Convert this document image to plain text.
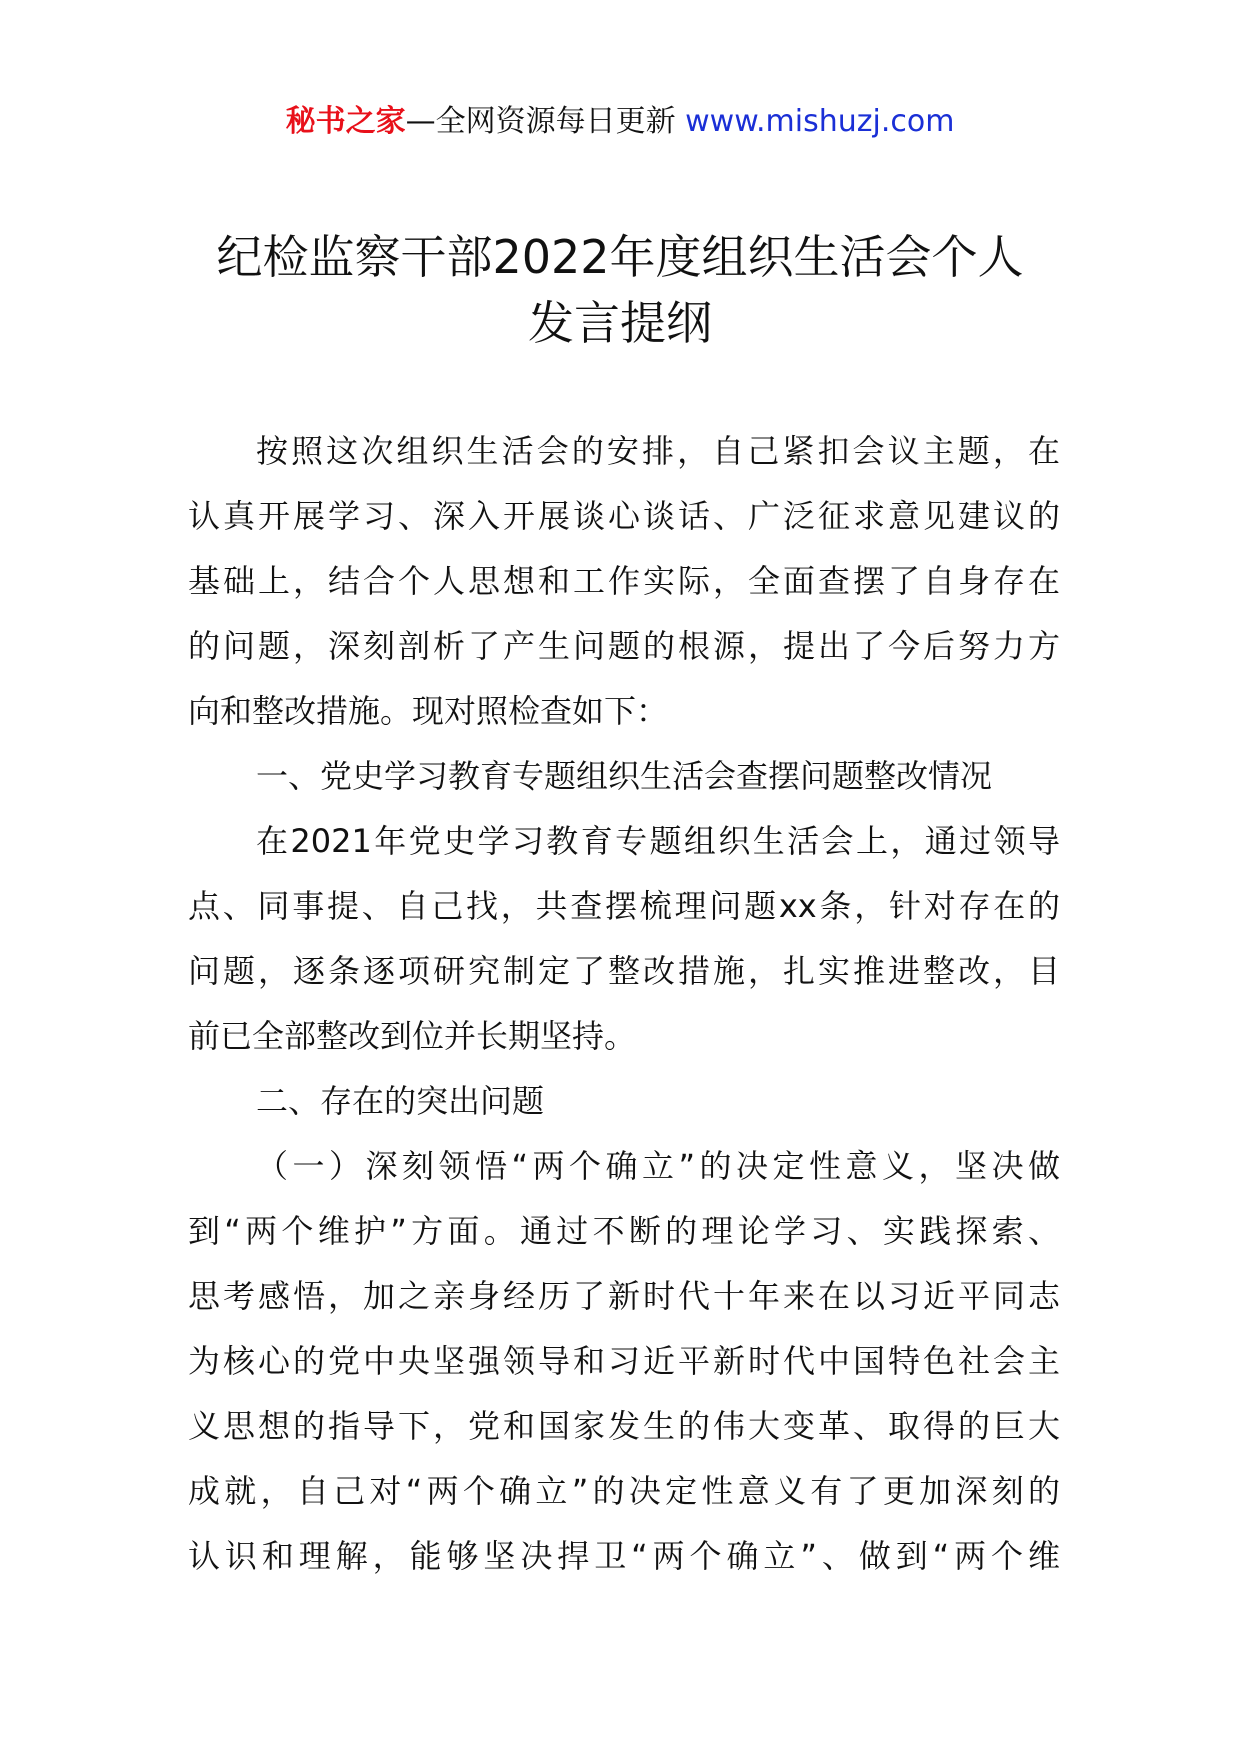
秘书之家—全网资源每日更新 www.mishuzj.com
纪检监察干部2022年度组织生活会个人
发言提纲
按照这次组织生活会的安排，自己紧扣会议主题，在
认真开展学习、深入开展谈心谈话、广泛征求意见建议的
基础上，结合个人思想和工作实际，全面查摆了自身存在
的问题，深刻剖析了产生问题的根源，提出了今后努力方
向和整改措施。现对照检查如下：
一、党史学习教育专题组织生活会查摆问题整改情况
在2021年党史学习教育专题组织生活会上，通过领导
点、同事提、自己找，共查摆梳理问题xx条，针对存在的
问题，逐条逐项研究制定了整改措施，扎实推进整改，目
前已全部整改到位并长期坚持。
二、存在的突出问题
（一）深刻领悟“两个确立”的决定性意义，坚决做
到“两个维护”方面。通过不断的理论学习、实践探索、
思考感悟，加之亲身经历了新时代十年来在以习近平同志
为核心的党中央坚强领导和习近平新时代中国特色社会主
义思想的指导下，党和国家发生的伟大变革、取得的巨大
成就，自己对“两个确立”的决定性意义有了更加深刻的
认识和理解，能够坚决捍卫“两个确立”、做到“两个维
